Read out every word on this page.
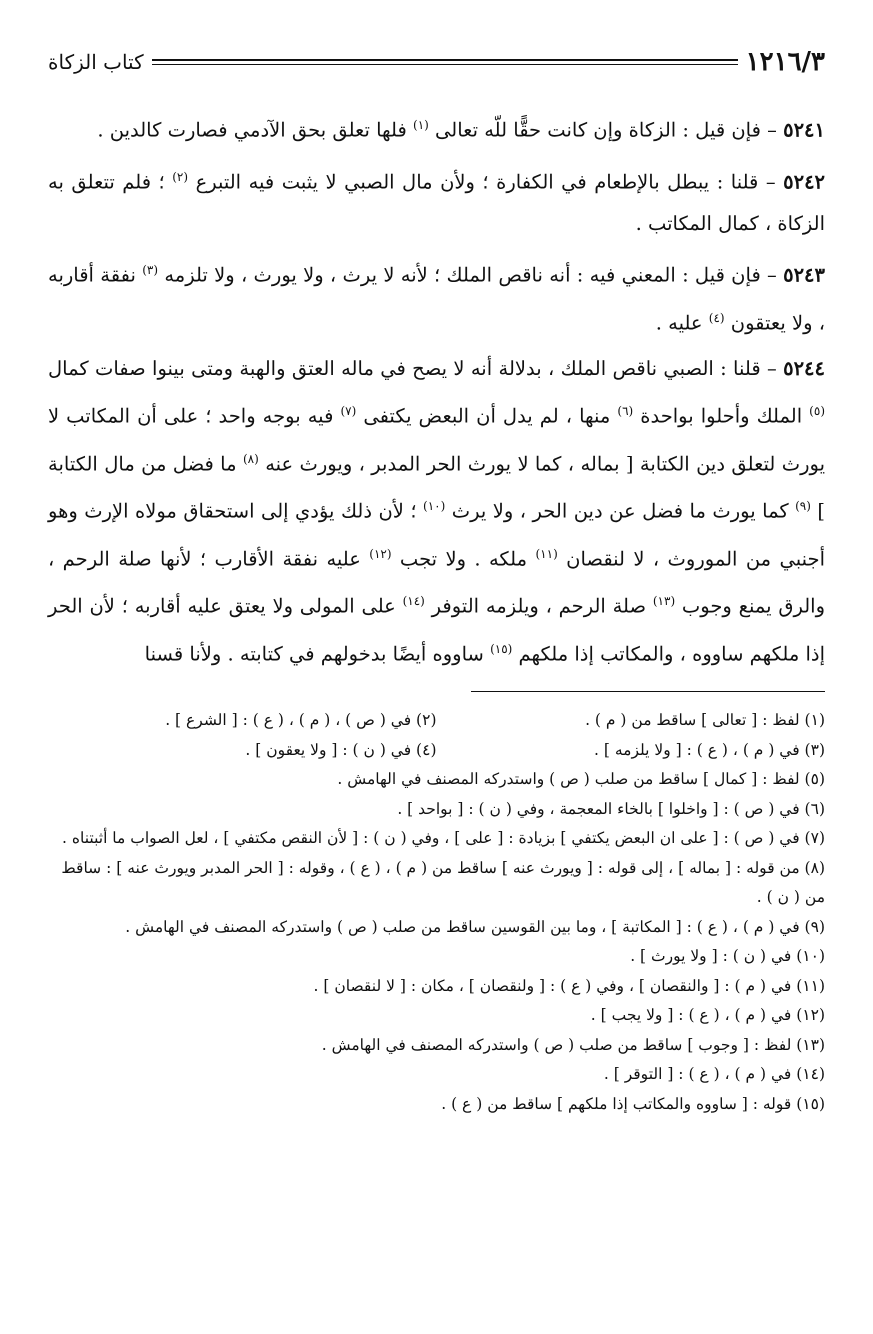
١٢١٦/٣
كتاب الزكاة

٥٢٤١ – فإن قيل : الزكاة وإن كانت حقًّا للّه تعالى $^{(١)}$ فلها تعلق بحق الآدمي فصارت كالدين .

٥٢٤٢ – قلنا : يبطل بالإطعام في الكفارة ؛ ولأن مال الصبي لا يثبت فيه التبرع $^{(٢)}$ ؛ فلم تتعلق به الزكاة ، كمال المكاتب .

٥٢٤٣ – فإن قيل : المعني فيه : أنه ناقص الملك ؛ لأنه لا يرث ، ولا يورث ، ولا تلزمه $^{(٣)}$ نفقة أقاربه ، ولا يعتقون $^{(٤)}$ عليه .

٥٢٤٤ – قلنا : الصبي ناقص الملك ، بدلالة أنه لا يصح في ماله العتق والهبة ومتى بينوا صفات كمال $^{(٥)}$ الملك وأحلوا بواحدة $^{(٦)}$ منها ، لم يدل أن البعض يكتفى $^{(٧)}$ فيه بوجه واحد ؛ على أن المكاتب لا يورث لتعلق دين الكتابة [ بماله ، كما لا يورث الحر المدبر ، ويورث عنه $^{(٨)}$ ما فضل من مال الكتابة ] $^{(٩)}$ كما يورث ما فضل عن دين الحر ، ولا يرث $^{(١٠)}$ ؛ لأن ذلك يؤدي إلى استحقاق مولاه الإرث وهو أجنبي من الموروث ، لا لنقصان $^{(١١)}$ ملكه . ولا تجب $^{(١٢)}$ عليه نفقة الأقارب ؛ لأنها صلة الرحم ، والرق يمنع وجوب $^{(١٣)}$ صلة الرحم ، ويلزمه التوفر $^{(١٤)}$ على المولى ولا يعتق عليه أقاربه ؛ لأن الحر إذا ملكهم ساووه ، والمكاتب إذا ملكهم $^{(١٥)}$ ساووه أيضًا بدخولهم في كتابته . ولأنا قسنا

(١) لفظ : [ تعالى ] ساقط من ( م ) .

(٢) في ( ص ) ، ( م ) ، ( ع ) : [ الشرع ] .

(٣) في ( م ) ، ( ع ) : [ ولا يلزمه ] .

(٤) في ( ن ) : [ ولا يعقون ] .

(٥) لفظ : [ كمال ] ساقط من صلب ( ص ) واستدركه المصنف في الهامش .

(٦) في ( ص ) : [ واخلوا ] بالخاء المعجمة ، وفي ( ن ) : [ بواحد ] .

(٧) في ( ص ) : [ على ان البعض يكتفي ] بزيادة : [ على ] ، وفي ( ن ) : [ لأن النقص مكتفي ] ، لعل الصواب ما أثبتناه .

(٨) من قوله : [ بماله ] ، إلى قوله : [ ويورث عنه ] ساقط من ( م ) ، ( ع ) ، وقوله : [ الحر المدبر ويورث عنه ] : ساقط من ( ن ) .

(٩) في ( م ) ، ( ع ) : [ المكاتبة ] ، وما بين القوسين ساقط من صلب ( ص ) واستدركه المصنف في الهامش .

(١٠) في ( ن ) : [ ولا يورث ] .

(١١) في ( م ) : [ والنقصان ] ، وفي ( ع ) : [ ولنقصان ] ، مكان : [ لا لنقصان ] .

(١٢) في ( م ) ، ( ع ) : [ ولا يجب ] .

(١٣) لفظ : [ وجوب ] ساقط من صلب ( ص ) واستدركه المصنف في الهامش .

(١٤) في ( م ) ، ( ع ) : [ التوقر ] .

(١٥) قوله : [ ساووه والمكاتب إذا ملكهم ] ساقط من ( ع ) .
